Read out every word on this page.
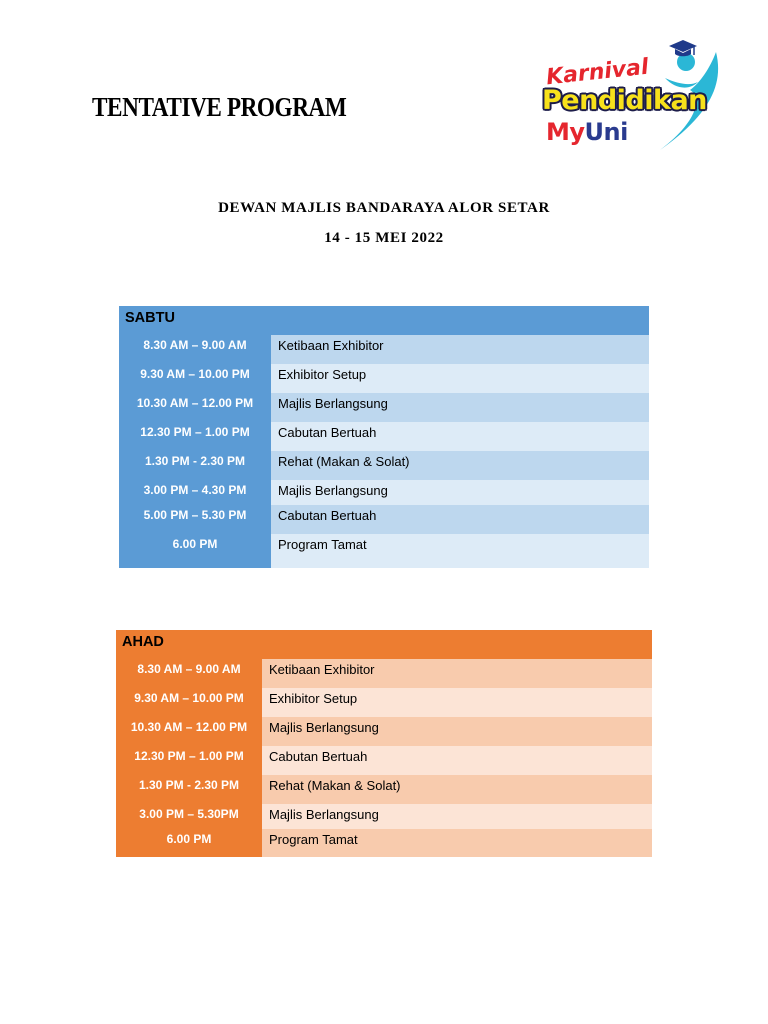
TENTATIVE PROGRAM
Karnival
Pendidikan
MyUni
DEWAN MAJLIS BANDARAYA ALOR SETAR
14 - 15 MEI 2022
SABTU	
8.30 AM – 9.00 AM	Ketibaan Exhibitor
9.30 AM – 10.00 PM	Exhibitor Setup
10.30 AM – 12.00 PM	Majlis Berlangsung
12.30 PM – 1.00 PM	Cabutan Bertuah
1.30 PM - 2.30 PM	Rehat (Makan & Solat)
3.00 PM – 4.30 PM	Majlis Berlangsung
5.00 PM – 5.30 PM	Cabutan Bertuah
6.00 PM	Program Tamat
AHAD	
8.30 AM – 9.00 AM	Ketibaan Exhibitor
9.30 AM – 10.00 PM	Exhibitor Setup
10.30 AM – 12.00 PM	Majlis Berlangsung
12.30 PM – 1.00 PM	Cabutan Bertuah
1.30 PM - 2.30 PM	Rehat (Makan & Solat)
3.00 PM – 5.30PM	Majlis Berlangsung
6.00 PM	Program Tamat
